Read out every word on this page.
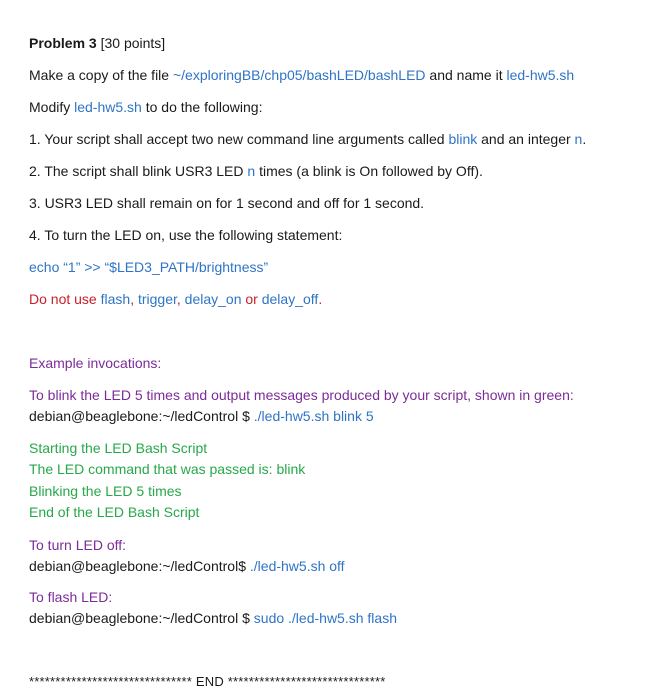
Problem 3 [30 points]
Make a copy of the file ~/exploringBB/chp05/bashLED/bashLED and name it led-hw5.sh
Modify led-hw5.sh to do the following:
1. Your script shall accept two new command line arguments called blink and an integer n.
2. The script shall blink USR3 LED n times (a blink is On followed by Off).
3. USR3 LED shall remain on for 1 second and off for 1 second.
4. To turn the LED on, use the following statement:
echo “1” >> “$LED3_PATH/brightness”
Do not use flash, trigger, delay_on or delay_off.
Example invocations:
To blink the LED 5 times and output messages produced by your script, shown in green:
debian@beaglebone:~/ledControl $ ./led-hw5.sh blink 5
Starting the LED Bash Script
The LED command that was passed is: blink
Blinking the LED 5 times
End of the LED Bash Script
To turn LED off:
debian@beaglebone:~/ledControl$ ./led-hw5.sh off
To flash LED:
debian@beaglebone:~/ledControl $ sudo ./led-hw5.sh flash
******************************* END ******************************
